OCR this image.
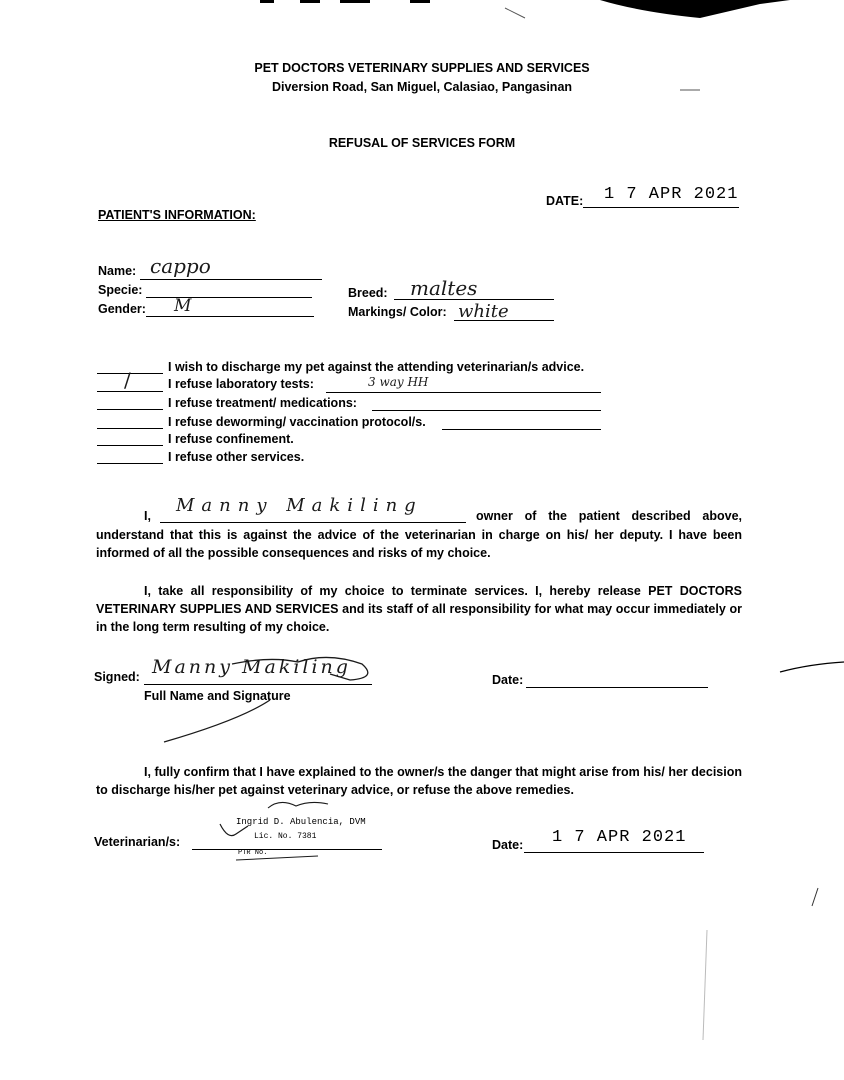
PET DOCTORS VETERINARY SUPPLIES AND SERVICES
Diversion Road, San Miguel, Calasiao, Pangasinan
REFUSAL OF SERVICES FORM
DATE: 1 7 APR 2021
PATIENT'S INFORMATION:
Name: cappo
Specie:
Gender: M
Breed: maltes
Markings/ Color: white
I wish to discharge my pet against the attending veterinarian/s advice.
/	I refuse laboratory tests:	3 way HH
I refuse treatment/ medications:
I refuse deworming/ vaccination protocol/s.
I refuse confinement.
I refuse other services.
I, Manny Makiling	owner of the patient described above,
understand that this is against the advice of the veterinarian in charge on his/ her deputy. I have been informed of all the possible consequences and risks of my choice.
I, take all responsibility of my choice to terminate services. I, hereby release PET DOCTORS VETERINARY SUPPLIES AND SERVICES and its staff of all responsibility for what may occur immediately or in the long term resulting of my choice.
Signed: Manny Makiling
Full Name and Signature
Date:
I, fully confirm that I have explained to the owner/s the danger that might arise from his/ her decision to discharge his/her pet against veterinary advice, or refuse the above remedies.
Veterinarian/s:
Ingrid D. Abulencia, DVM
Lic. No. 7381
PTR No.
Date: 1 7 APR 2021
